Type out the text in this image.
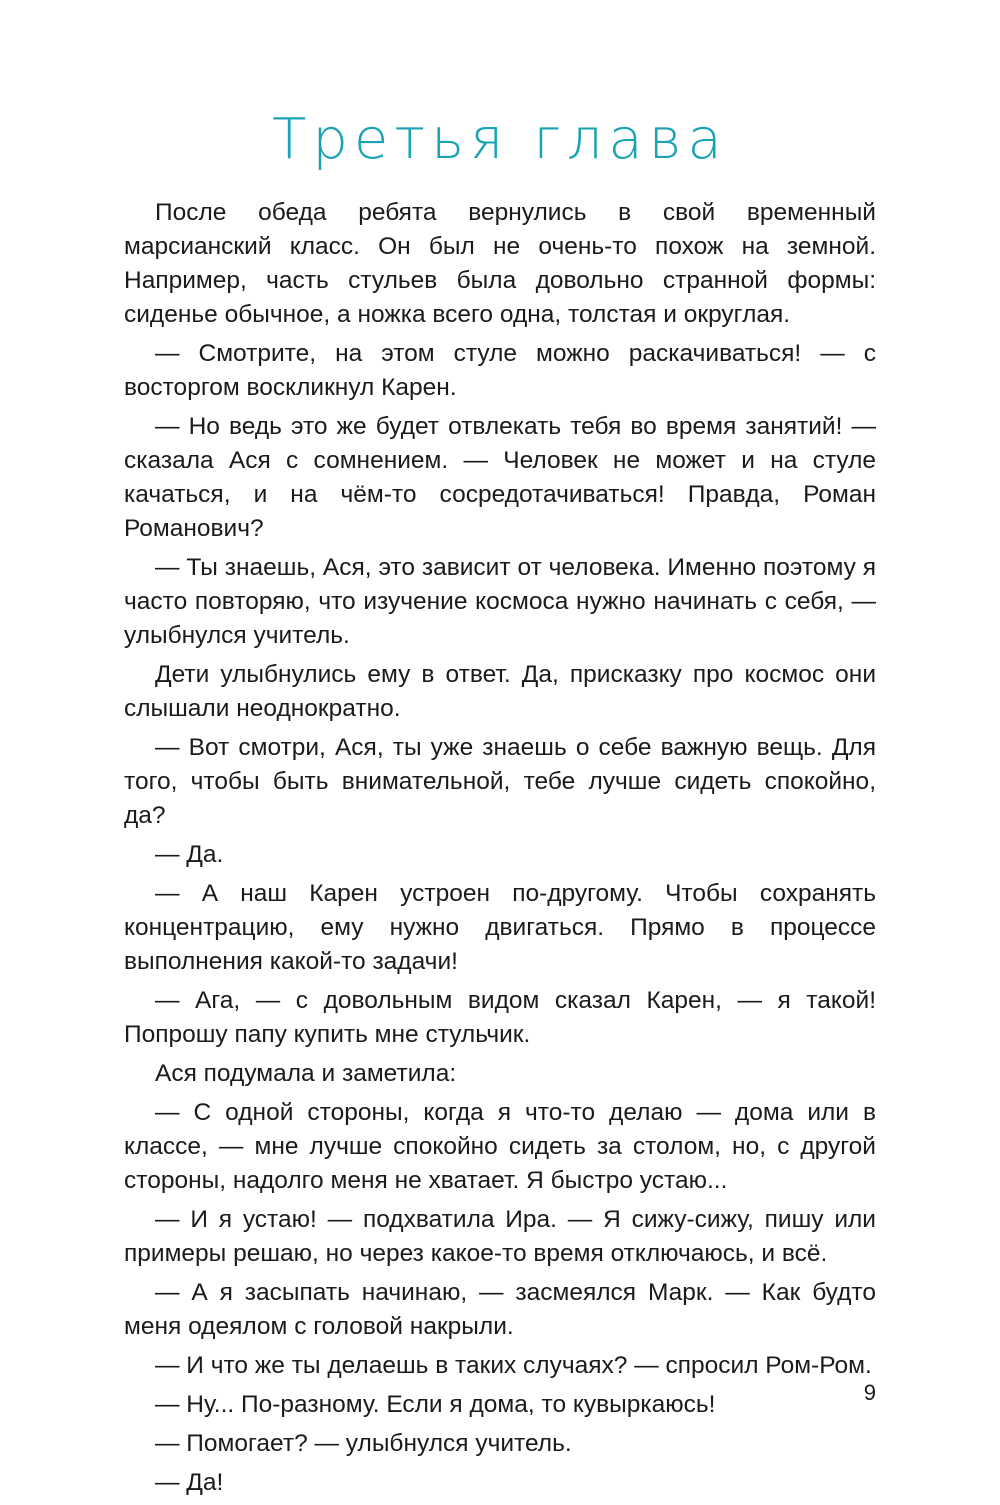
Третья глава

После обеда ребята вернулись в свой временный марсианский класс. Он был не очень-то похож на земной. Например, часть стульев была довольно странной формы: сиденье обычное, а ножка всего одна, толстая и округлая.

— Смотрите, на этом стуле можно раскачиваться! — с восторгом воскликнул Карен.

— Но ведь это же будет отвлекать тебя во время занятий! — сказала Ася с сомнением. — Человек не может и на стуле качаться, и на чём-то сосредотачиваться! Правда, Роман Романович?

— Ты знаешь, Ася, это зависит от человека. Именно поэтому я часто повторяю, что изучение космоса нужно начинать с себя, — улыбнулся учитель.

Дети улыбнулись ему в ответ. Да, присказку про космос они слышали неоднократно.

— Вот смотри, Ася, ты уже знаешь о себе важную вещь. Для того, чтобы быть внимательной, тебе лучше сидеть спокойно, да?

— Да.

— А наш Карен устроен по-другому. Чтобы сохранять концентрацию, ему нужно двигаться. Прямо в процессе выполнения какой-то задачи!

— Ага, — с довольным видом сказал Карен, — я такой! Попрошу папу купить мне стульчик.

Ася подумала и заметила:

— С одной стороны, когда я что-то делаю — дома или в классе, — мне лучше спокойно сидеть за столом, но, с другой стороны, надолго меня не хватает. Я быстро устаю...

— И я устаю! — подхватила Ира. — Я сижу-сижу, пишу или примеры решаю, но через какое-то время отключаюсь, и всё.

— А я засыпать начинаю, — засмеялся Марк. — Как будто меня одеялом с головой накрыли.

— И что же ты делаешь в таких случаях? — спросил Ром-Ром.

— Ну... По-разному. Если я дома, то кувыркаюсь!

— Помогает? — улыбнулся учитель.

— Да!

9
